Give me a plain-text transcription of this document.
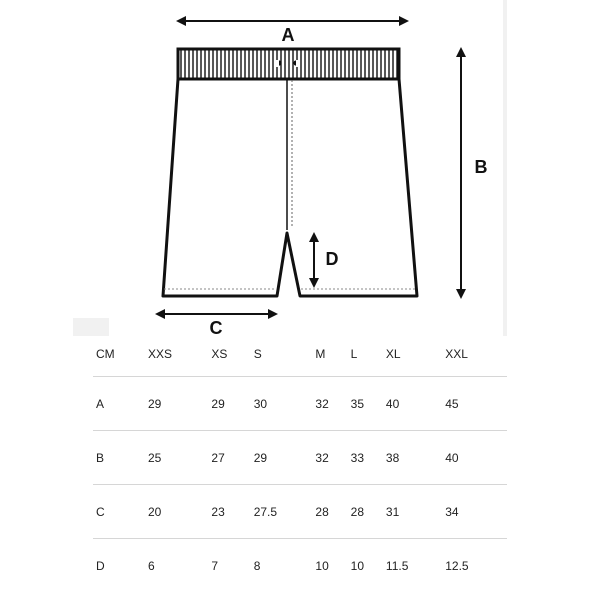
A
B
C
D
CM	XXS	XS	S	M	L	XL	XXL
A	29	29	30	32	35	40	45
B	25	27	29	32	33	38	40
C	20	23	27.5	28	28	31	34
D	6	7	8	10	10	11.5	12.5
